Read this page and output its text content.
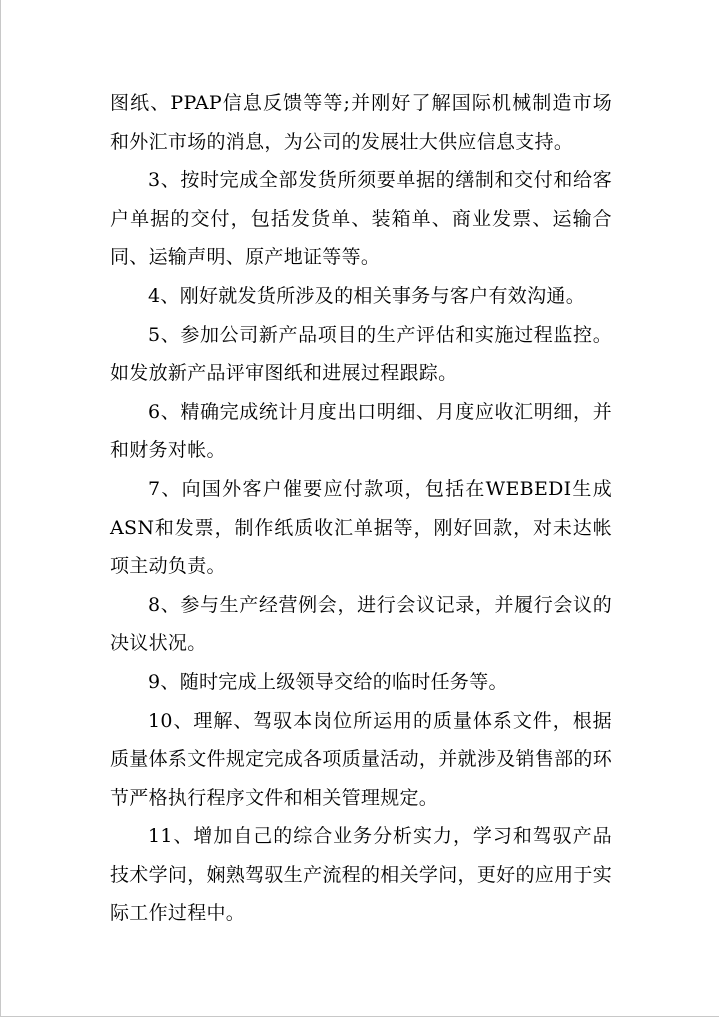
图纸、PPAP信息反馈等等;并刚好了解国际机械制造市场和外汇市场的消息，为公司的发展壮大供应信息支持。

3、按时完成全部发货所须要单据的缮制和交付和给客户单据的交付，包括发货单、装箱单、商业发票、运输合同、运输声明、原产地证等等。

4、刚好就发货所涉及的相关事务与客户有效沟通。

5、参加公司新产品项目的生产评估和实施过程监控。如发放新产品评审图纸和进展过程跟踪。

6、精确完成统计月度出口明细、月度应收汇明细，并和财务对帐。

7、向国外客户催要应付款项，包括在WEBEDI生成ASN和发票，制作纸质收汇单据等，刚好回款，对未达帐项主动负责。

8、参与生产经营例会，进行会议记录，并履行会议的决议状况。

9、随时完成上级领导交给的临时任务等。

10、理解、驾驭本岗位所运用的质量体系文件，根据质量体系文件规定完成各项质量活动，并就涉及销售部的环节严格执行程序文件和相关管理规定。

11、增加自己的综合业务分析实力，学习和驾驭产品技术学问，娴熟驾驭生产流程的相关学问，更好的应用于实际工作过程中。
